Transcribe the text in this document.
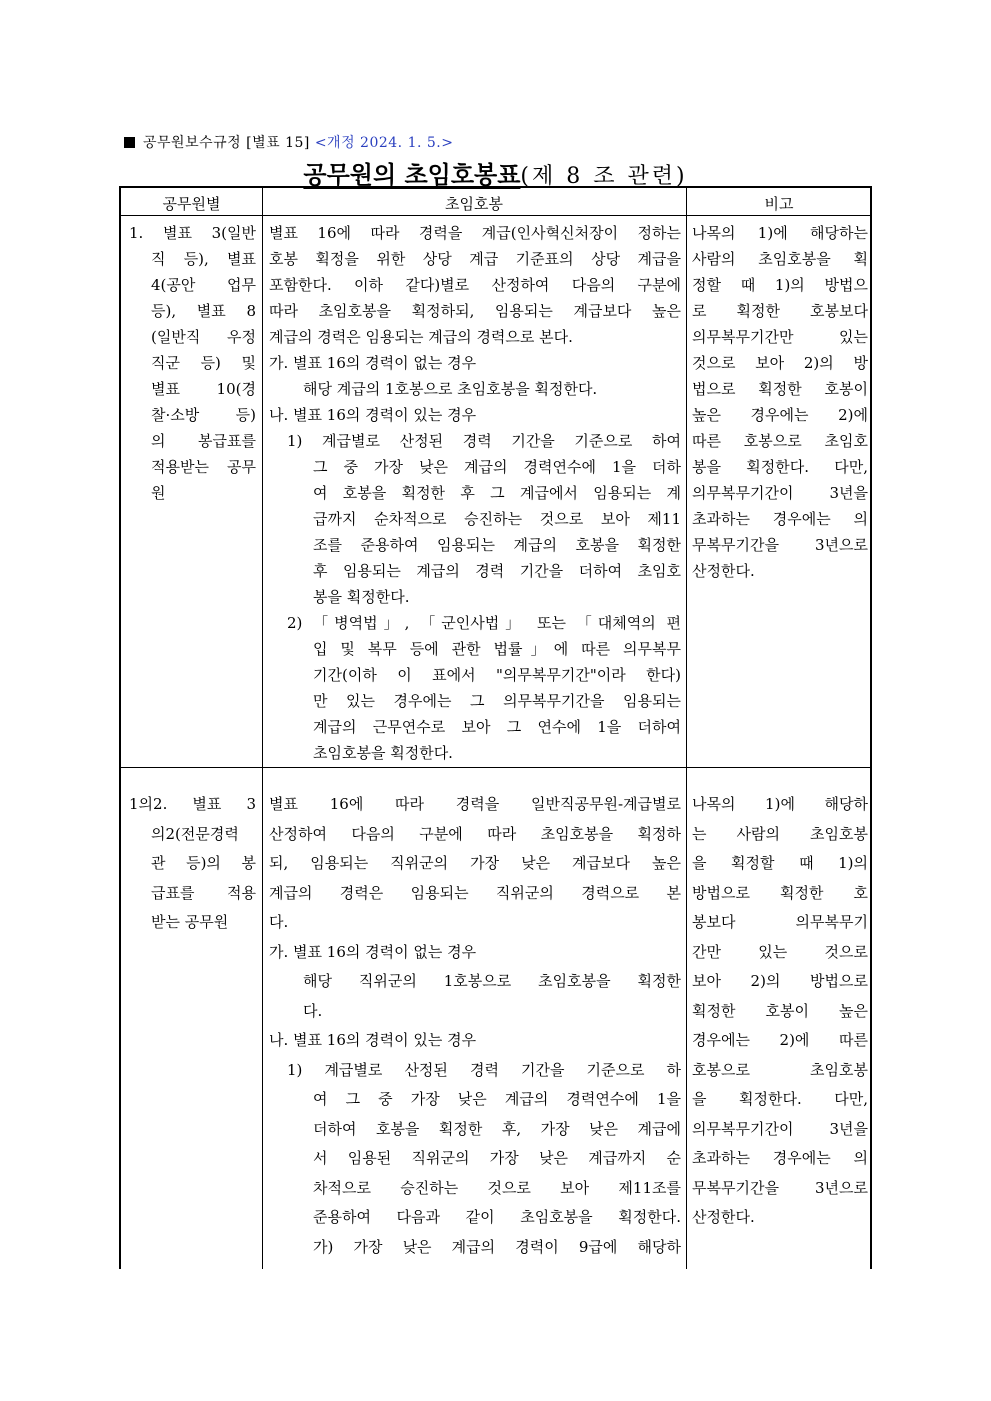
공무원보수규정 [별표 15] <개정 2024. 1. 5.>
공무원의 초임호봉표(제 8 조 관련)
공무원별	초임호봉	비고

1. 별표 3(일반

직 등), 별표

4(공안 업무

등), 별표 8

(일반직 우정

직군 등) 및

별표 10(경

찰·소방 등)

의 봉급표를

적용받는 공무

원

별표 16에 따라 경력을 계급(인사혁신처장이 정하는

호봉 획정을 위한 상당 계급 기준표의 상당 계급을

포함한다. 이하 같다)별로 산정하여 다음의 구분에

따라 초임호봉을 획정하되, 임용되는 계급보다 높은

계급의 경력은 임용되는 계급의 경력으로 본다.

가. 별표 16의 경력이 없는 경우

해당 계급의 1호봉으로 초임호봉을 획정한다.

나. 별표 16의 경력이 있는 경우

1) 계급별로 산정된 경력 기간을 기준으로 하여

그 중 가장 낮은 계급의 경력연수에 1을 더하

여 호봉을 획정한 후 그 계급에서 임용되는 계

급까지 순차적으로 승진하는 것으로 보아 제11

조를 준용하여 임용되는 계급의 호봉을 획정한

후 임용되는 계급의 경력 기간을 더하여 초임호

봉을 획정한다.

2) 「병역법」, 「군인사법」 또는 「대체역의 편

입 및 복무 등에 관한 법률」에 따른 의무복무

기간(이하 이 표에서 "의무복무기간"이라 한다)

만 있는 경우에는 그 의무복무기간을 임용되는

계급의 근무연수로 보아 그 연수에 1을 더하여

초임호봉을 획정한다.

나목의 1)에 해당하는

사람의 초임호봉을 획

정할 때 1)의 방법으

로 획정한 호봉보다

의무복무기간만 있는

것으로 보아 2)의 방

법으로 획정한 호봉이

높은 경우에는 2)에

따른 호봉으로 초임호

봉을 획정한다. 다만,

의무복무기간이 3년을

초과하는 경우에는 의

무복무기간을 3년으로

산정한다.

1의2. 별표 3

의2(전문경력

관 등)의 봉

급표를 적용

받는 공무원

별표 16에 따라 경력을 일반직공무원-계급별로

산정하여 다음의 구분에 따라 초임호봉을 획정하

되, 임용되는 직위군의 가장 낮은 계급보다 높은

계급의 경력은 임용되는 직위군의 경력으로 본

다.

가. 별표 16의 경력이 없는 경우

해당 직위군의 1호봉으로 초임호봉을 획정한

다.

나. 별표 16의 경력이 있는 경우

1) 계급별로 산정된 경력 기간을 기준으로 하

여 그 중 가장 낮은 계급의 경력연수에 1을

더하여 호봉을 획정한 후, 가장 낮은 계급에

서 임용된 직위군의 가장 낮은 계급까지 순

차적으로 승진하는 것으로 보아 제11조를

준용하여 다음과 같이 초임호봉을 획정한다.

가) 가장 낮은 계급의 경력이 9급에 해당하

나목의 1)에 해당하

는 사람의 초임호봉

을 획정할 때 1)의

방법으로 획정한 호

봉보다 의무복무기

간만 있는 것으로

보아 2)의 방법으로

획정한 호봉이 높은

경우에는 2)에 따른

호봉으로 초임호봉

을 획정한다. 다만,

의무복무기간이 3년을

초과하는 경우에는 의

무복무기간을 3년으로

산정한다.
